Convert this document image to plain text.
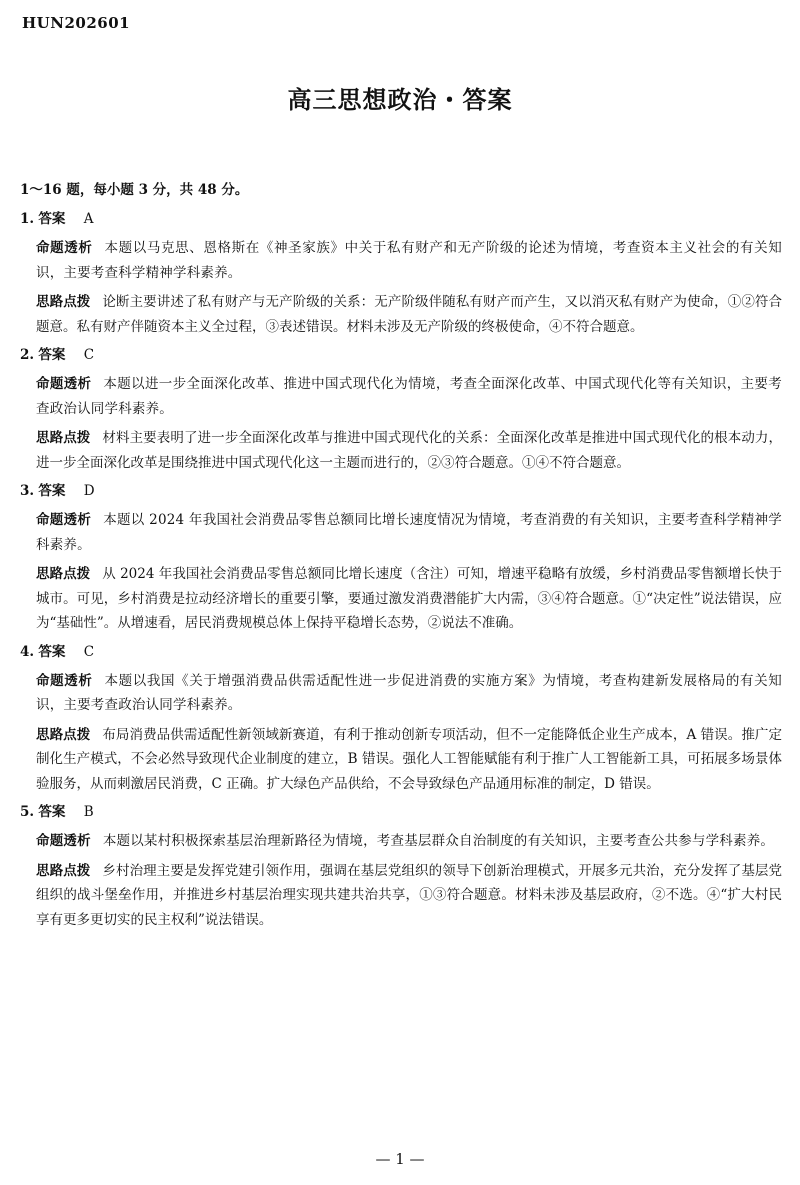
HUN202601
高三思想政治・答案
1～16 题，每小题 3 分，共 48 分。
1. 答案 A
命题透析 本题以马克思、恩格斯在《神圣家族》中关于私有财产和无产阶级的论述为情境，考查资本主义社会的有关知识，主要考查科学精神学科素养。
思路点拨 论断主要讲述了私有财产与无产阶级的关系：无产阶级伴随私有财产而产生，又以消灭私有财产为使命，①②符合题意。私有财产伴随资本主义全过程，③表述错误。材料未涉及无产阶级的终极使命，④不符合题意。
2. 答案 C
命题透析 本题以进一步全面深化改革、推进中国式现代化为情境，考查全面深化改革、中国式现代化等有关知识，主要考查政治认同学科素养。
思路点拨 材料主要表明了进一步全面深化改革与推进中国式现代化的关系：全面深化改革是推进中国式现代化的根本动力，进一步全面深化改革是围绕推进中国式现代化这一主题而进行的，②③符合题意。①④不符合题意。
3. 答案 D
命题透析 本题以 2024 年我国社会消费品零售总额同比增长速度情况为情境，考查消费的有关知识，主要考查科学精神学科素养。
思路点拨 从 2024 年我国社会消费品零售总额同比增长速度（含注）可知，增速平稳略有放缓，乡村消费品零售额增长快于城市。可见，乡村消费是拉动经济增长的重要引擎，要通过激发消费潜能扩大内需，③④符合题意。①“决定性”说法错误，应为“基础性”。从增速看，居民消费规模总体上保持平稳增长态势，②说法不准确。
4. 答案 C
命题透析 本题以我国《关于增强消费品供需适配性进一步促进消费的实施方案》为情境，考查构建新发展格局的有关知识，主要考查政治认同学科素养。
思路点拨 布局消费品供需适配性新领域新赛道，有利于推动创新专项活动，但不一定能降低企业生产成本，A 错误。推广定制化生产模式，不会必然导致现代企业制度的建立，B 错误。强化人工智能赋能有利于推广人工智能新工具，可拓展多场景体验服务，从而刺激居民消费，C 正确。扩大绿色产品供给，不会导致绿色产品通用标准的制定，D 错误。
5. 答案 B
命题透析 本题以某村积极探索基层治理新路径为情境，考查基层群众自治制度的有关知识，主要考查公共参与学科素养。
思路点拨 乡村治理主要是发挥党建引领作用，强调在基层党组织的领导下创新治理模式，开展多元共治，充分发挥了基层党组织的战斗堡垒作用，并推进乡村基层治理实现共建共治共享，①③符合题意。材料未涉及基层政府，②不选。④“扩大村民享有更多更切实的民主权利”说法错误。
— 1 —
